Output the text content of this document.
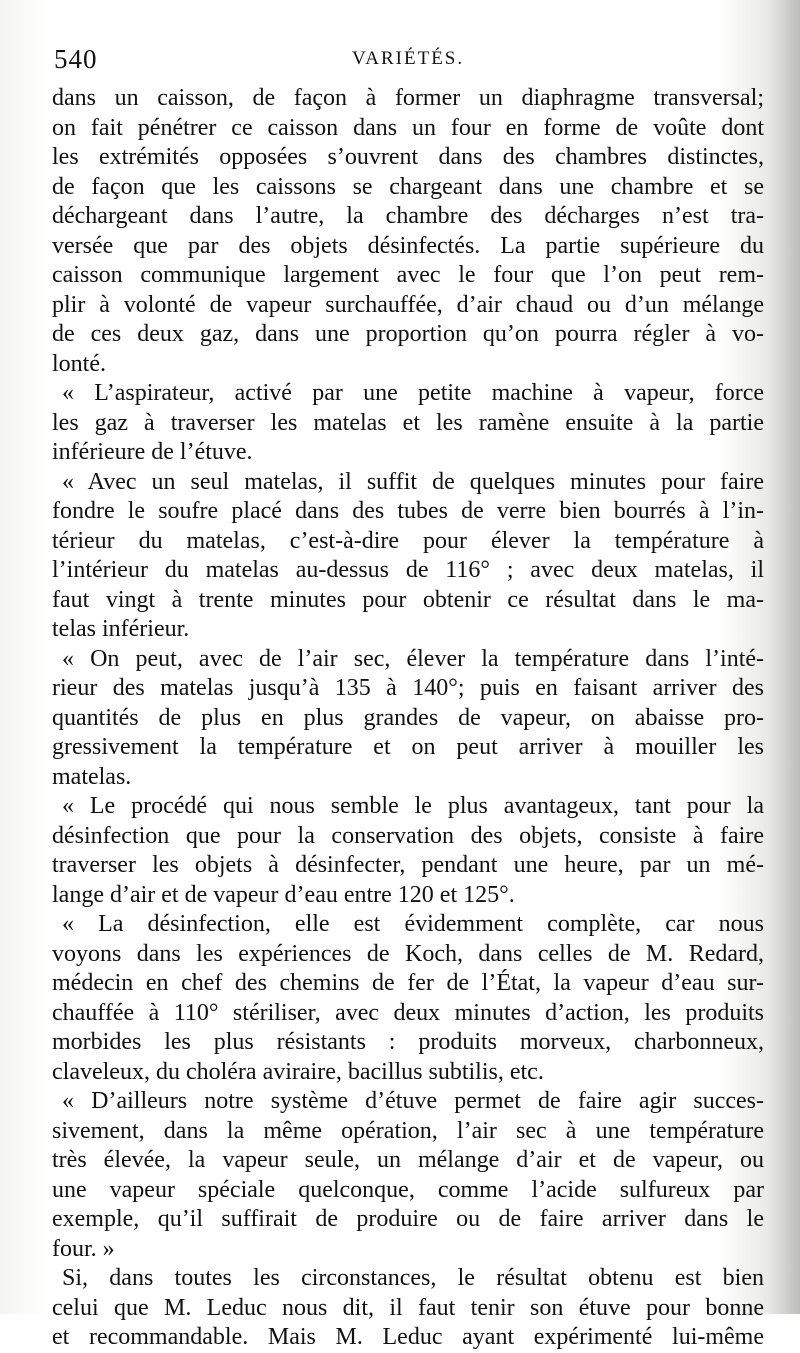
540	VARIÉTÉS.
dans un caisson, de façon à former un diaphragme transversal;
on fait pénétrer ce caisson dans un four en forme de voûte dont
les extrémités opposées s’ouvrent dans des chambres distinctes,
de façon que les caissons se chargeant dans une chambre et se
déchargeant dans l’autre, la chambre des décharges n’est tra-
versée que par des objets désinfectés. La partie supérieure du
caisson communique largement avec le four que l’on peut rem-
plir à volonté de vapeur surchauffée, d’air chaud ou d’un mélange
de ces deux gaz, dans une proportion qu’on pourra régler à vo-
lonté.
« L’aspirateur, activé par une petite machine à vapeur, force
les gaz à traverser les matelas et les ramène ensuite à la partie
inférieure de l’étuve.
« Avec un seul matelas, il suffit de quelques minutes pour faire
fondre le soufre placé dans des tubes de verre bien bourrés à l’in-
térieur du matelas, c’est-à-dire pour élever la température à
l’intérieur du matelas au-dessus de 116° ; avec deux matelas, il
faut vingt à trente minutes pour obtenir ce résultat dans le ma-
telas inférieur.
« On peut, avec de l’air sec, élever la température dans l’inté-
rieur des matelas jusqu’à 135 à 140°; puis en faisant arriver des
quantités de plus en plus grandes de vapeur, on abaisse pro-
gressivement la température et on peut arriver à mouiller les
matelas.
« Le procédé qui nous semble le plus avantageux, tant pour la
désinfection que pour la conservation des objets, consiste à faire
traverser les objets à désinfecter, pendant une heure, par un mé-
lange d’air et de vapeur d’eau entre 120 et 125°.
« La désinfection, elle est évidemment complète, car nous
voyons dans les expériences de Koch, dans celles de M. Redard,
médecin en chef des chemins de fer de l’État, la vapeur d’eau sur-
chauffée à 110° stériliser, avec deux minutes d’action, les produits
morbides les plus résistants : produits morveux, charbonneux,
claveleux, du choléra aviraire, bacillus subtilis, etc.
« D’ailleurs notre système d’étuve permet de faire agir succes-
sivement, dans la même opération, l’air sec à une température
très élevée, la vapeur seule, un mélange d’air et de vapeur, ou
une vapeur spéciale quelconque, comme l’acide sulfureux par
exemple, qu’il suffirait de produire ou de faire arriver dans le
four. »
Si, dans toutes les circonstances, le résultat obtenu est bien
celui que M. Leduc nous dit, il faut tenir son étuve pour bonne
et recommandable. Mais M. Leduc ayant expérimenté lui-même
